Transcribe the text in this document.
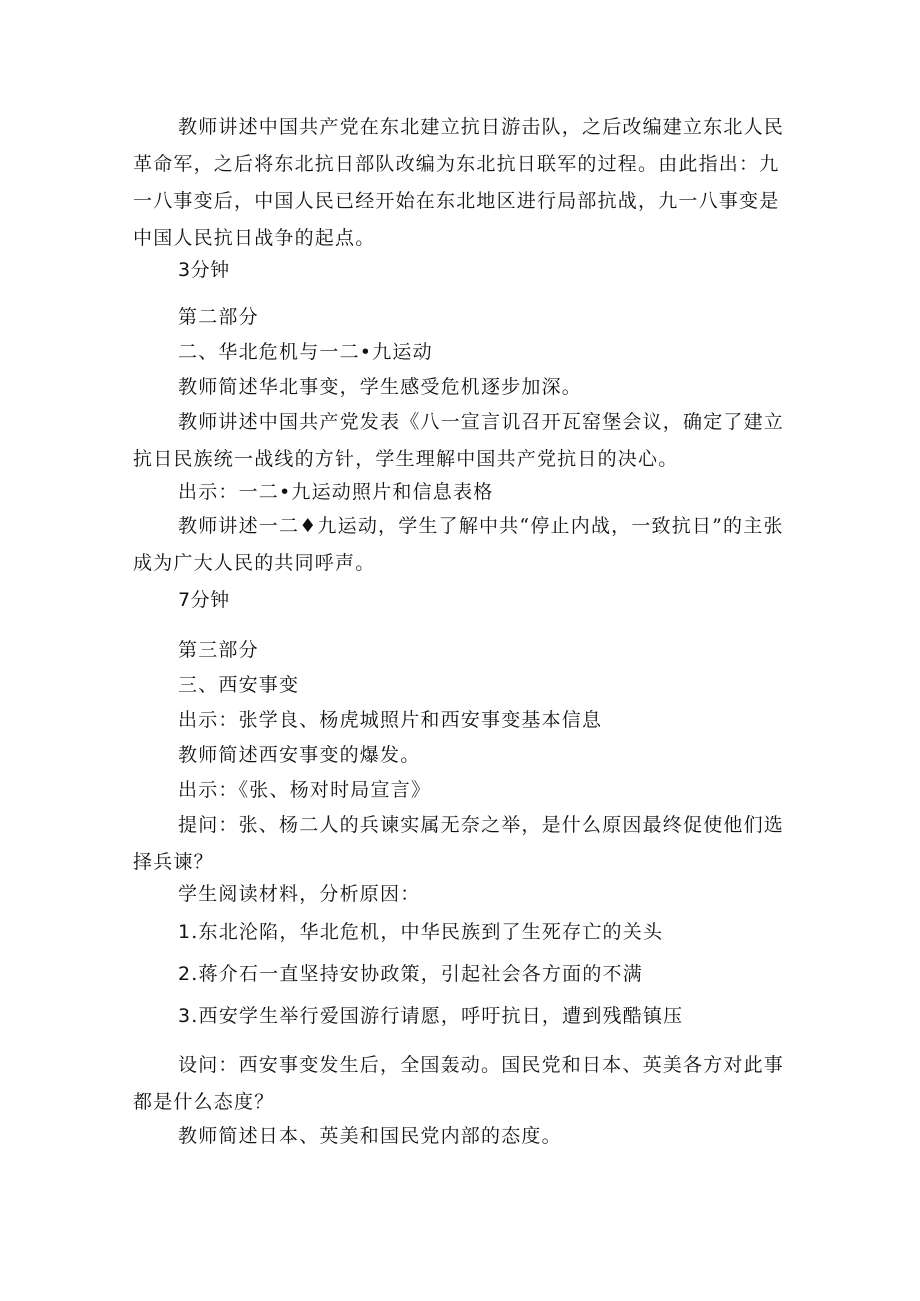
教师讲述中国共产党在东北建立抗日游击队，之后改编建立东北人民革命军，之后将东北抗日部队改编为东北抗日联军的过程。由此指出：九一八事变后，中国人民已经开始在东北地区进行局部抗战，九一八事变是中国人民抗日战争的起点。

3分钟

第二部分

二、华北危机与一二•九运动

教师简述华北事变，学生感受危机逐步加深。

教师讲述中国共产党发表《八一宣言讥召开瓦窑堡会议，确定了建立抗日民族统一战线的方针，学生理解中国共产党抗日的决心。

出示：一二•九运动照片和信息表格

教师讲述一二♦九运动，学生了解中共“停止内战，一致抗日”的主张成为广大人民的共同呼声。

7分钟

第三部分

三、西安事变

出示：张学良、杨虎城照片和西安事变基本信息

教师简述西安事变的爆发。

出示：《张、杨对时局宣言》

提问：张、杨二人的兵谏实属无奈之举，是什么原因最终促使他们选择兵谏？

学生阅读材料，分析原因：

1.东北沦陷，华北危机，中华民族到了生死存亡的关头

2.蒋介石一直坚持安协政策，引起社会各方面的不满

3.西安学生举行爱国游行请愿，呼吁抗日，遭到残酷镇压

设问：西安事变发生后，全国轰动。国民党和日本、英美各方对此事都是什么态度？

教师简述日本、英美和国民党内部的态度。
